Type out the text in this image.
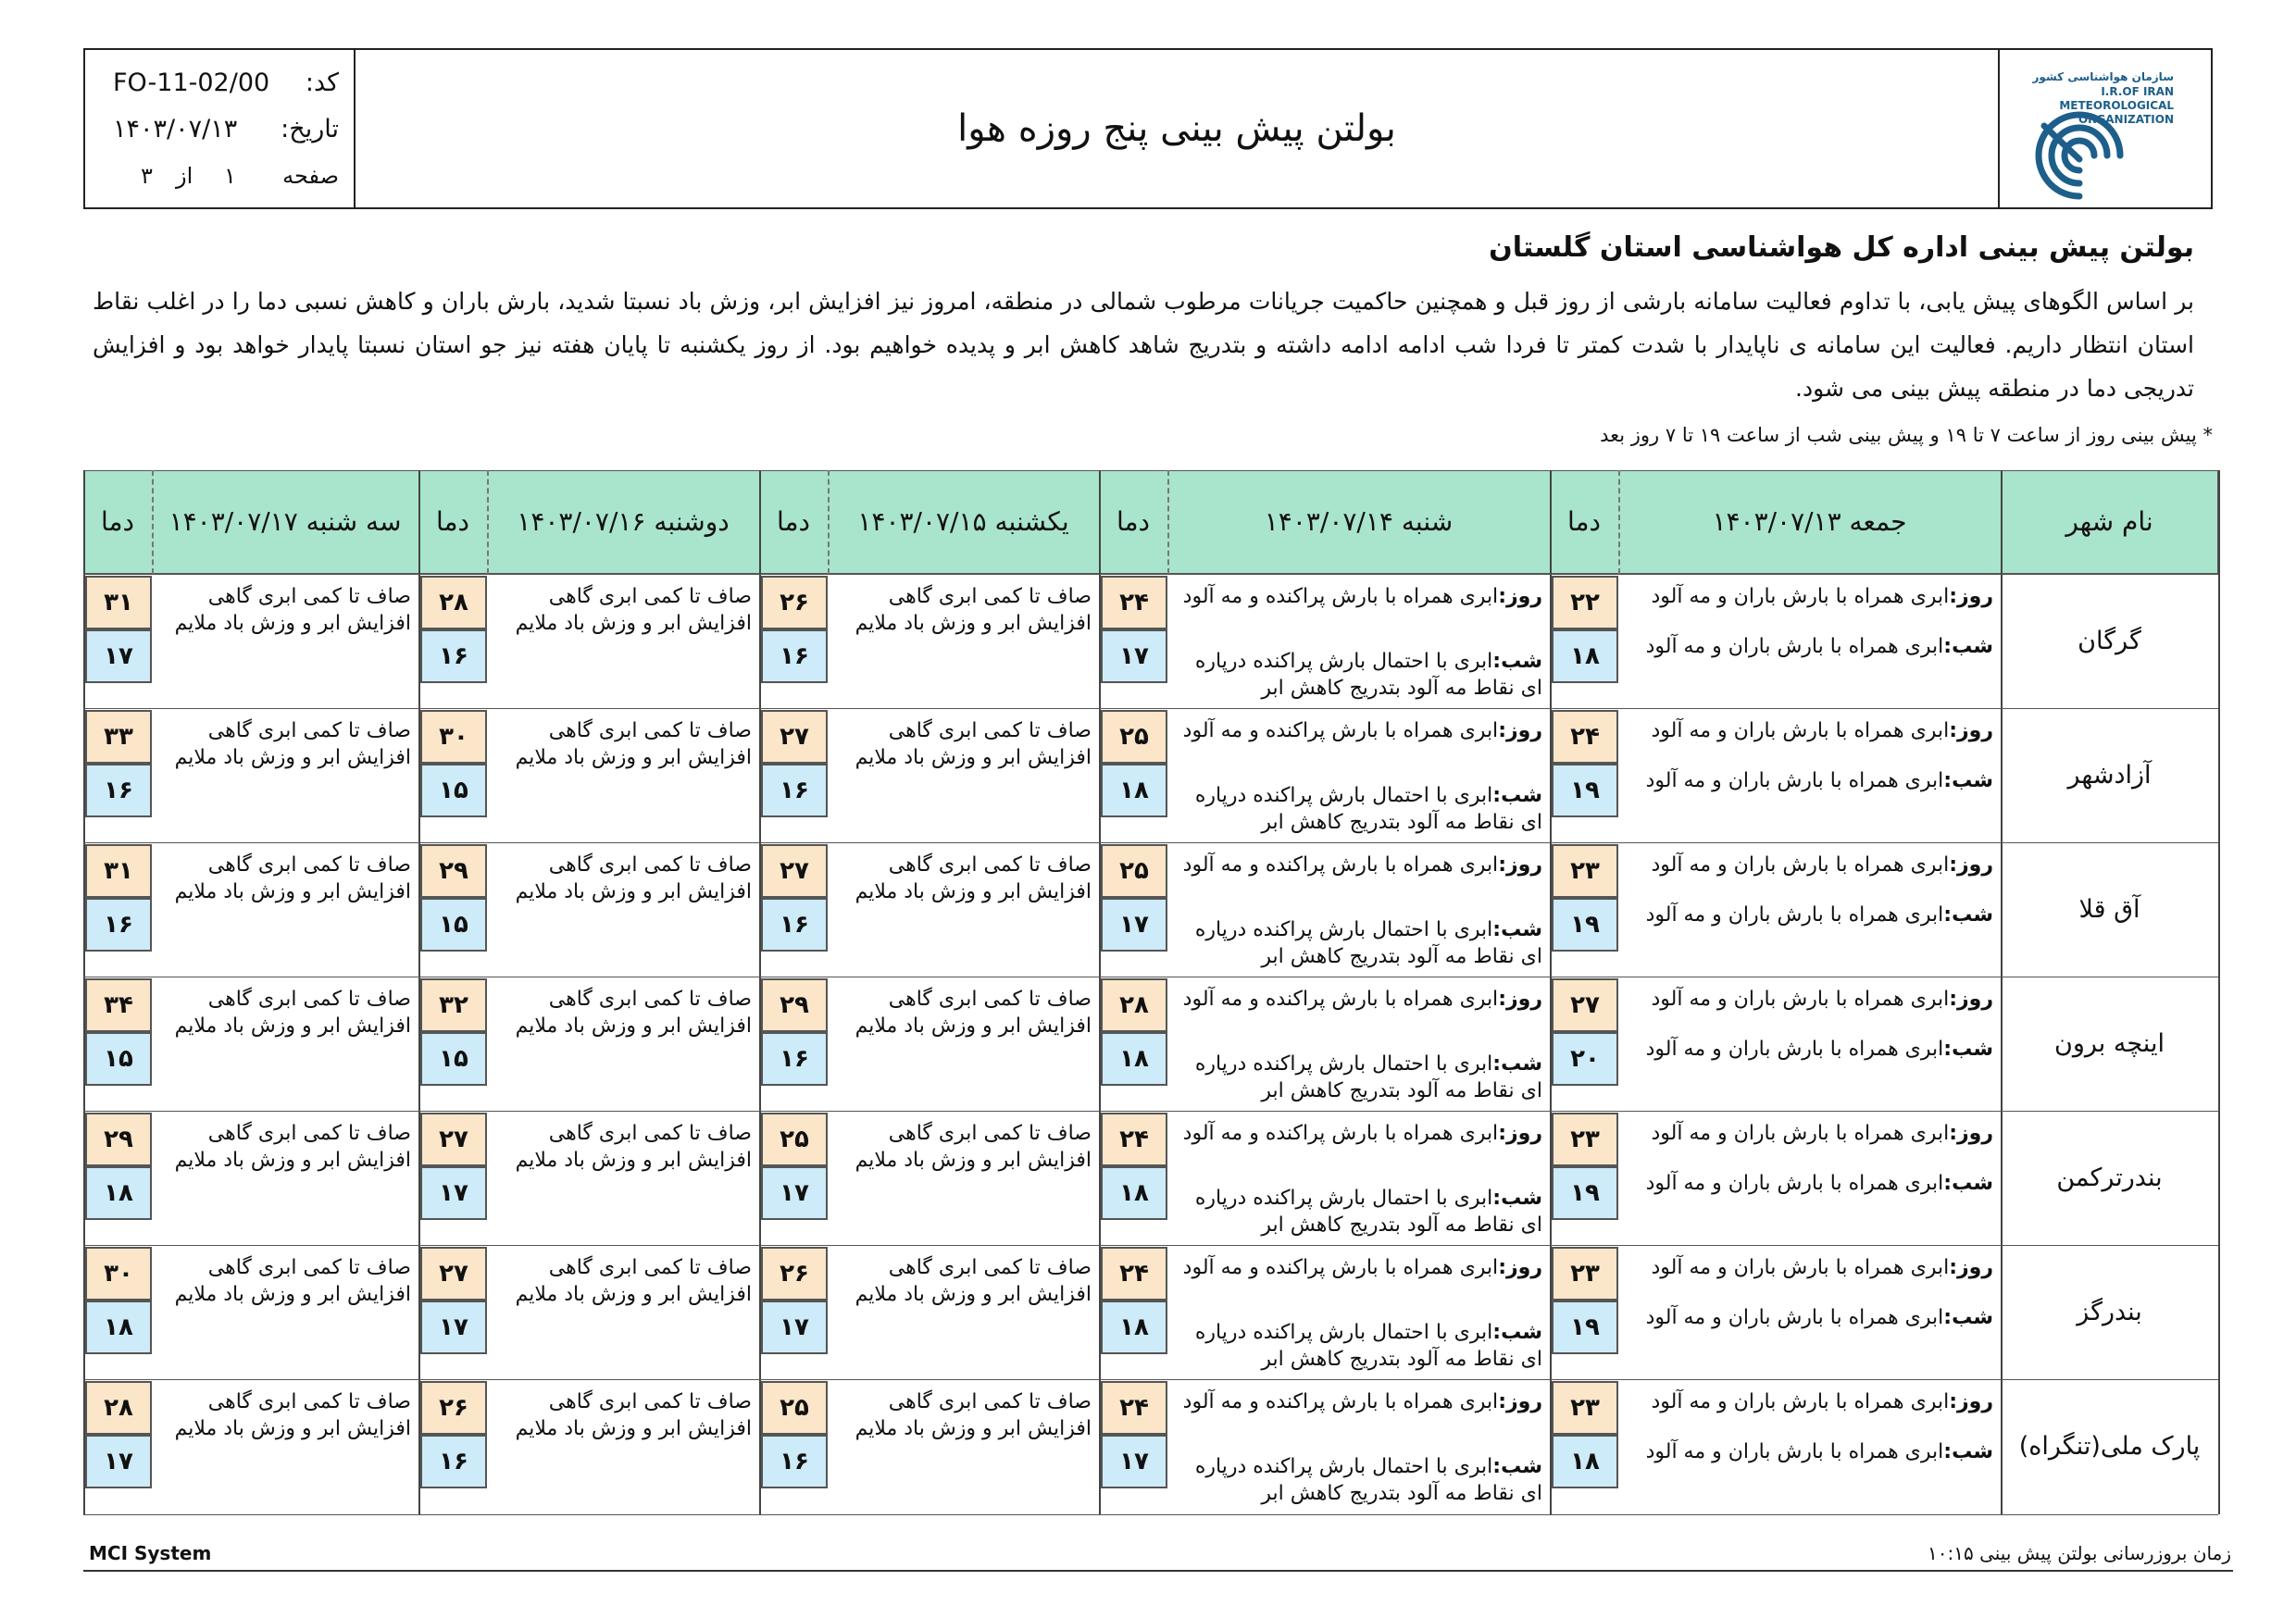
سازمان هواشناسی کشور
I.R.OF IRAN
METEOROLOGICAL
ORGANIZATION
بولتن پیش بینی پنج روزه هوا
کد:
FO-11-02/00
تاریخ:
۱۴۰۳/۰۷/۱۳
صفحه
۱
از
۳
بولتن پیش بینی اداره کل هواشناسی استان گلستان
بر اساس الگوهای پیش یابی، با تداوم فعالیت سامانه بارشی از روز قبل و همچنین حاکمیت جریانات مرطوب شمالی در منطقه، امروز نیز افزایش ابر، وزش باد نسبتا شدید، بارش باران و کاهش نسبی دما را در اغلب نقاط استان انتظار داریم. فعالیت این سامانه ی ناپایدار با شدت کمتر تا فردا شب ادامه ادامه داشته و بتدریج شاهد کاهش ابر و پدیده خواهیم بود. از روز یکشنبه تا پایان هفته نیز جو استان نسبتا پایدار خواهد بود و افزایش تدریجی دما در منطقه پیش بینی می شود.
* پیش بینی روز از ساعت ۷ تا ۱۹ و پیش بینی شب از ساعت ۱۹ تا ۷ روز بعد
نام شهر
جمعه ۱۴۰۳/۰۷/۱۳
دما
شنبه ۱۴۰۳/۰۷/۱۴
دما
یکشنبه ۱۴۰۳/۰۷/۱۵
دما
دوشنبه ۱۴۰۳/۰۷/۱۶
دما
سه شنبه ۱۴۰۳/۰۷/۱۷
دما
گرگان
۲۲
۱۸
روز:ابری همراه با بارش باران و مه آلود
شب:ابری همراه با بارش باران و مه آلود
۲۴
۱۷
روز:ابری همراه با بارش پراکنده و مه آلود
شب:ابری با احتمال بارش پراکنده درپاره ای نقاط مه آلود بتدریج کاهش ابر
۲۶
۱۶
صاف تا کمی ابری گاهی
افزایش ابر و وزش باد ملایم
۲۸
۱۶
صاف تا کمی ابری گاهی
افزایش ابر و وزش باد ملایم
۳۱
۱۷
صاف تا کمی ابری گاهی
افزایش ابر و وزش باد ملایم
آزادشهر
۲۴
۱۹
روز:ابری همراه با بارش باران و مه آلود
شب:ابری همراه با بارش باران و مه آلود
۲۵
۱۸
روز:ابری همراه با بارش پراکنده و مه آلود
شب:ابری با احتمال بارش پراکنده درپاره ای نقاط مه آلود بتدریج کاهش ابر
۲۷
۱۶
صاف تا کمی ابری گاهی
افزایش ابر و وزش باد ملایم
۳۰
۱۵
صاف تا کمی ابری گاهی
افزایش ابر و وزش باد ملایم
۳۳
۱۶
صاف تا کمی ابری گاهی
افزایش ابر و وزش باد ملایم
آق قلا
۲۳
۱۹
روز:ابری همراه با بارش باران و مه آلود
شب:ابری همراه با بارش باران و مه آلود
۲۵
۱۷
روز:ابری همراه با بارش پراکنده و مه آلود
شب:ابری با احتمال بارش پراکنده درپاره ای نقاط مه آلود بتدریج کاهش ابر
۲۷
۱۶
صاف تا کمی ابری گاهی
افزایش ابر و وزش باد ملایم
۲۹
۱۵
صاف تا کمی ابری گاهی
افزایش ابر و وزش باد ملایم
۳۱
۱۶
صاف تا کمی ابری گاهی
افزایش ابر و وزش باد ملایم
اینچه برون
۲۷
۲۰
روز:ابری همراه با بارش باران و مه آلود
شب:ابری همراه با بارش باران و مه آلود
۲۸
۱۸
روز:ابری همراه با بارش پراکنده و مه آلود
شب:ابری با احتمال بارش پراکنده درپاره ای نقاط مه آلود بتدریج کاهش ابر
۲۹
۱۶
صاف تا کمی ابری گاهی
افزایش ابر و وزش باد ملایم
۳۲
۱۵
صاف تا کمی ابری گاهی
افزایش ابر و وزش باد ملایم
۳۴
۱۵
صاف تا کمی ابری گاهی
افزایش ابر و وزش باد ملایم
بندرترکمن
۲۳
۱۹
روز:ابری همراه با بارش باران و مه آلود
شب:ابری همراه با بارش باران و مه آلود
۲۴
۱۸
روز:ابری همراه با بارش پراکنده و مه آلود
شب:ابری با احتمال بارش پراکنده درپاره ای نقاط مه آلود بتدریج کاهش ابر
۲۵
۱۷
صاف تا کمی ابری گاهی
افزایش ابر و وزش باد ملایم
۲۷
۱۷
صاف تا کمی ابری گاهی
افزایش ابر و وزش باد ملایم
۲۹
۱۸
صاف تا کمی ابری گاهی
افزایش ابر و وزش باد ملایم
بندرگز
۲۳
۱۹
روز:ابری همراه با بارش باران و مه آلود
شب:ابری همراه با بارش باران و مه آلود
۲۴
۱۸
روز:ابری همراه با بارش پراکنده و مه آلود
شب:ابری با احتمال بارش پراکنده درپاره ای نقاط مه آلود بتدریج کاهش ابر
۲۶
۱۷
صاف تا کمی ابری گاهی
افزایش ابر و وزش باد ملایم
۲۷
۱۷
صاف تا کمی ابری گاهی
افزایش ابر و وزش باد ملایم
۳۰
۱۸
صاف تا کمی ابری گاهی
افزایش ابر و وزش باد ملایم
پارک ملی(تنگراه)
۲۳
۱۸
روز:ابری همراه با بارش باران و مه آلود
شب:ابری همراه با بارش باران و مه آلود
۲۴
۱۷
روز:ابری همراه با بارش پراکنده و مه آلود
شب:ابری با احتمال بارش پراکنده درپاره ای نقاط مه آلود بتدریج کاهش ابر
۲۵
۱۶
صاف تا کمی ابری گاهی
افزایش ابر و وزش باد ملایم
۲۶
۱۶
صاف تا کمی ابری گاهی
افزایش ابر و وزش باد ملایم
۲۸
۱۷
صاف تا کمی ابری گاهی
افزایش ابر و وزش باد ملایم
MCI System	زمان بروزرسانی بولتن پیش بینی ۱۰:۱۵
